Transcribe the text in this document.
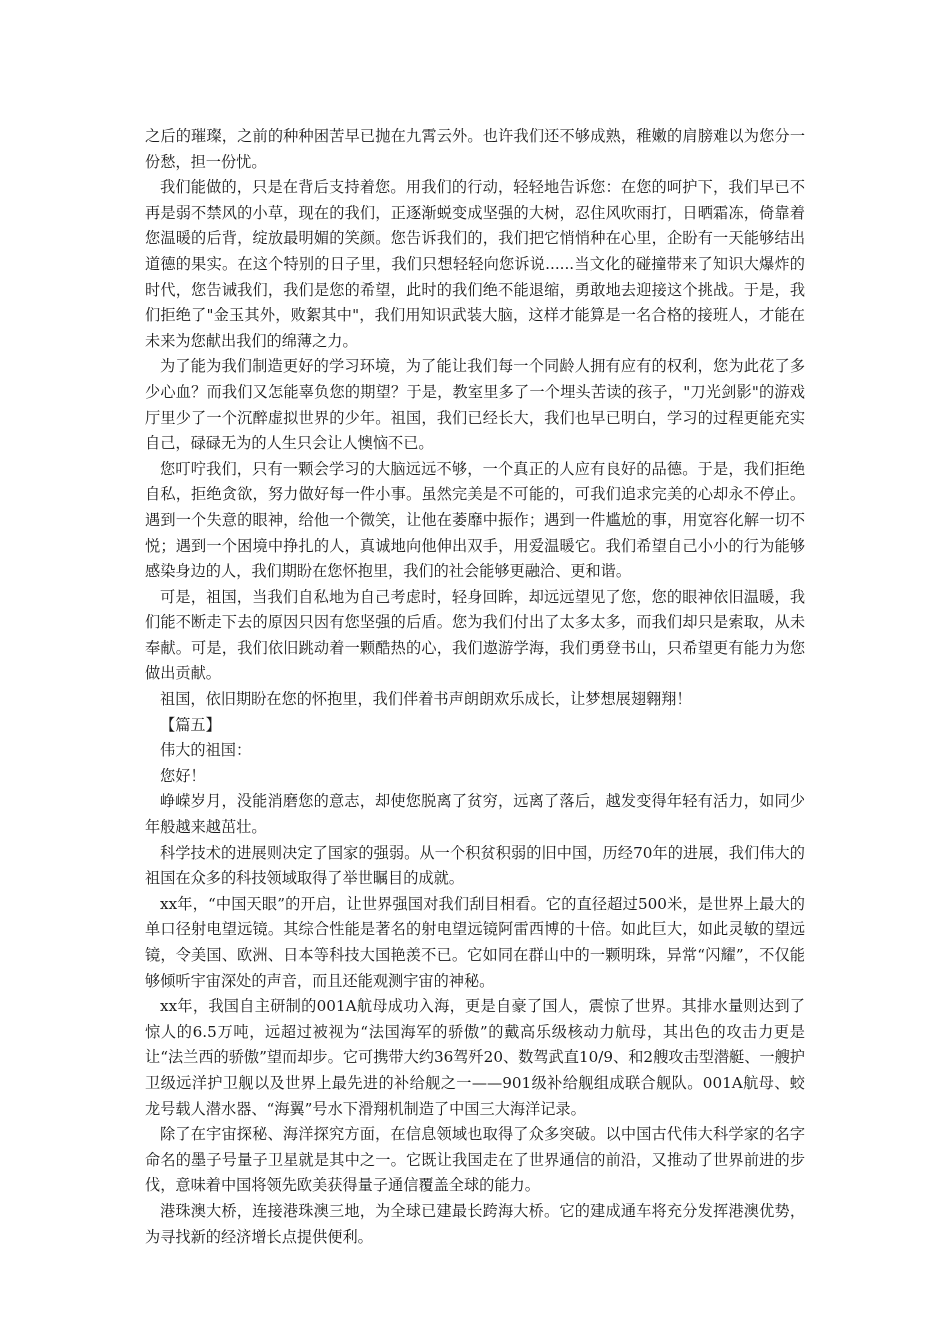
之后的璀璨，之前的种种困苦早已抛在九霄云外。也许我们还不够成熟，稚嫩的肩膀难以为您分一份愁，担一份忧。

我们能做的，只是在背后支持着您。用我们的行动，轻轻地告诉您：在您的呵护下，我们早已不再是弱不禁风的小草，现在的我们，正逐渐蜕变成坚强的大树，忍住风吹雨打，日晒霜冻，倚靠着您温暖的后背，绽放最明媚的笑颜。您告诉我们的，我们把它悄悄种在心里，企盼有一天能够结出道德的果实。在这个特别的日子里，我们只想轻轻向您诉说......当文化的碰撞带来了知识大爆炸的时代，您告诫我们，我们是您的希望，此时的我们绝不能退缩，勇敢地去迎接这个挑战。于是，我们拒绝了"金玉其外，败絮其中"，我们用知识武装大脑，这样才能算是一名合格的接班人，才能在未来为您献出我们的绵薄之力。

为了能为我们制造更好的学习环境，为了能让我们每一个同龄人拥有应有的权利，您为此花了多少心血？而我们又怎能辜负您的期望？于是，教室里多了一个埋头苦读的孩子，"刀光剑影"的游戏厅里少了一个沉醉虚拟世界的少年。祖国，我们已经长大，我们也早已明白，学习的过程更能充实自己，碌碌无为的人生只会让人懊恼不已。

您叮咛我们，只有一颗会学习的大脑远远不够，一个真正的人应有良好的品德。于是，我们拒绝自私，拒绝贪欲，努力做好每一件小事。虽然完美是不可能的，可我们追求完美的心却永不停止。遇到一个失意的眼神，给他一个微笑，让他在萎靡中振作；遇到一件尴尬的事，用宽容化解一切不悦；遇到一个困境中挣扎的人，真诚地向他伸出双手，用爱温暖它。我们希望自己小小的行为能够感染身边的人，我们期盼在您怀抱里，我们的社会能够更融洽、更和谐。

可是，祖国，当我们自私地为自己考虑时，轻身回眸，却远远望见了您，您的眼神依旧温暖，我们能不断走下去的原因只因有您坚强的后盾。您为我们付出了太多太多，而我们却只是索取，从未奉献。可是，我们依旧跳动着一颗酷热的心，我们遨游学海，我们勇登书山，只希望更有能力为您做出贡献。

祖国，依旧期盼在您的怀抱里，我们伴着书声朗朗欢乐成长，让梦想展翅翱翔！

【篇五】

伟大的祖国：

您好！

峥嵘岁月，没能消磨您的意志，却使您脱离了贫穷，远离了落后，越发变得年轻有活力，如同少年般越来越茁壮。

科学技术的进展则决定了国家的强弱。从一个积贫积弱的旧中国，历经70年的进展，我们伟大的祖国在众多的科技领域取得了举世瞩目的成就。

xx年，“中国天眼”的开启，让世界强国对我们刮目相看。它的直径超过500米，是世界上最大的单口径射电望远镜。其综合性能是著名的射电望远镜阿雷西博的十倍。如此巨大，如此灵敏的望远镜，令美国、欧洲、日本等科技大国艳羡不已。它如同在群山中的一颗明珠，异常“闪耀”，不仅能够倾听宇宙深处的声音，而且还能观测宇宙的神秘。

xx年，我国自主研制的001A航母成功入海，更是自豪了国人，震惊了世界。其排水量则达到了惊人的6.5万吨，远超过被视为“法国海军的骄傲”的戴高乐级核动力航母，其出色的攻击力更是让“法兰西的骄傲”望而却步。它可携带大约36驾歼20、数驾武直10/9、和2艘攻击型潜艇、一艘护卫级远洋护卫舰以及世界上最先进的补给舰之一——901级补给舰组成联合舰队。001A航母、蛟龙号载人潜水器、“海翼”号水下滑翔机制造了中国三大海洋记录。

除了在宇宙探秘、海洋探究方面，在信息领域也取得了众多突破。以中国古代伟大科学家的名字命名的墨子号量子卫星就是其中之一。它既让我国走在了世界通信的前沿，又推动了世界前进的步伐，意味着中国将领先欧美获得量子通信覆盖全球的能力。

港珠澳大桥，连接港珠澳三地，为全球已建最长跨海大桥。它的建成通车将充分发挥港澳优势，为寻找新的经济增长点提供便利。
